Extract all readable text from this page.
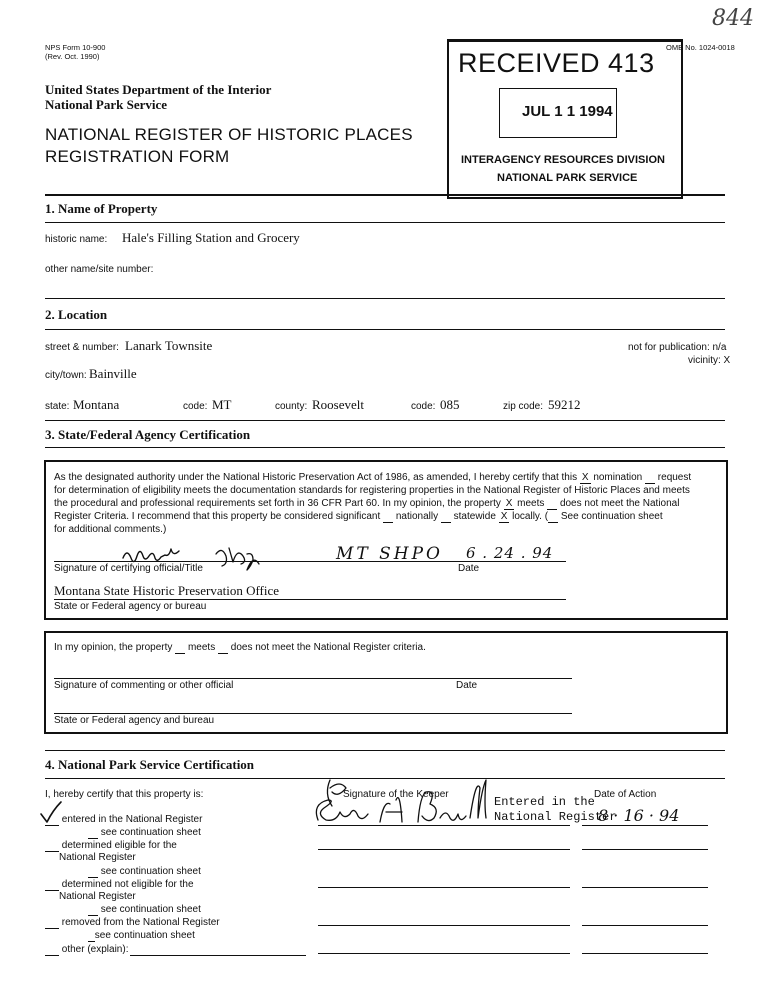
NPS Form 10-900
(Rev. Oct. 1990)
United States Department of the Interior
National Park Service
NATIONAL REGISTER OF HISTORIC PLACES
REGISTRATION FORM
OMB No. 1024-0018
844
RECEIVED 413
JUL 1 1 1994
INTERAGENCY RESOURCES DIVISION
NATIONAL PARK SERVICE
1. Name of Property
historic name: Hale's Filling Station and Grocery
other name/site number:
2. Location
street & number: Lanark Townsite	not for publication: n/a
vicinity: X
city/town: Bainville
state: Montana	code: MT	county: Roosevelt	code: 085	zip code: 59212
3. State/Federal Agency Certification
As the designated authority under the National Historic Preservation Act of 1986, as amended, I hereby certify that this X nomination request
for determination of eligibility meets the documentation standards for registering properties in the National Register of Historic Places and meets
the procedural and professional requirements set forth in 36 CFR Part 60. In my opinion, the property X meets does not meet the National
Register Criteria. I recommend that this property be considered significant nationally statewide X locally. ( See continuation sheet
for additional comments.)
MT SHPO 6 . 24 . 94
Signature of certifying official/Title	Date
Montana State Historic Preservation Office
State or Federal agency or bureau
In my opinion, the property meets does not meet the National Register criteria.
Signature of commenting or other official	Date
State or Federal agency and bureau
4. National Park Service Certification
I, hereby certify that this property is:	Signature of the Keeper	Date of Action
entered in the National Register
see continuation sheet
determined eligible for the
National Register
see continuation sheet
determined not eligible for the
National Register
see continuation sheet
removed from the National Register
see continuation sheet
other (explain):
Entered in the
National Register
8 · 16 · 94
